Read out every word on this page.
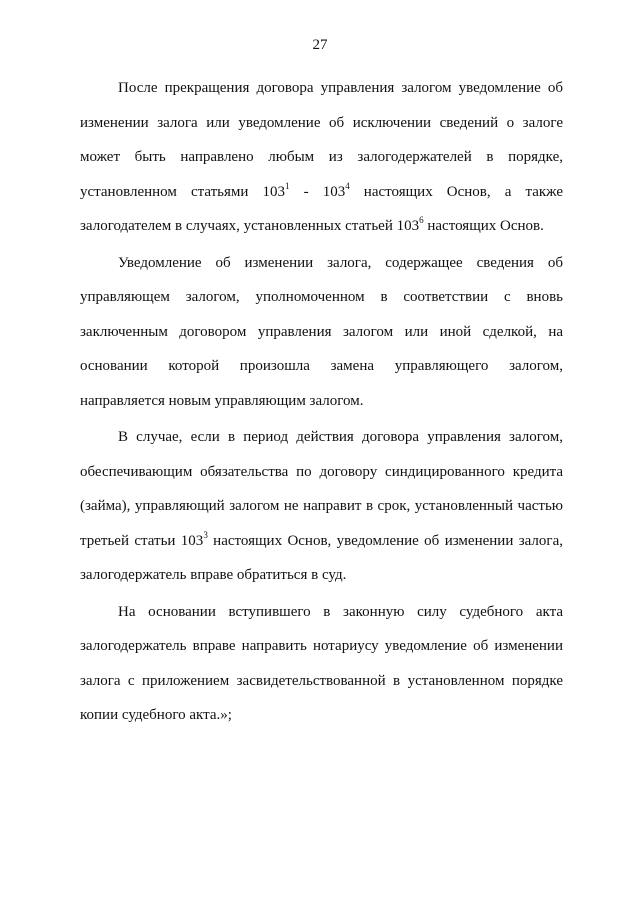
27
После прекращения договора управления залогом уведомление об
изменении залога или уведомление об исключении сведений о залоге
может быть направлено любым из залогодержателей в порядке,
установленном статьями $103^1 - 103^4$ настоящих Основ, а также
залогодателем в случаях, установленных статьей $103^6$ настоящих Основ.
Уведомление об изменении залога, содержащее сведения об
управляющем залогом, уполномоченном в соответствии с вновь
заключенным договором управления залогом или иной сделкой, на
основании которой произошла замена управляющего залогом,
направляется новым управляющим залогом.
В случае, если в период действия договора управления залогом,
обеспечивающим обязательства по договору синдицированного кредита
(займа), управляющий залогом не направит в срок, установленный частью
третьей статьи $103^3$ настоящих Основ, уведомление об изменении залога,
залогодержатель вправе обратиться в суд.
На основании вступившего в законную силу судебного акта
залогодержатель вправе направить нотариусу уведомление об изменении
залога с приложением засвидетельствованной в установленном порядке
копии судебного акта.»;
